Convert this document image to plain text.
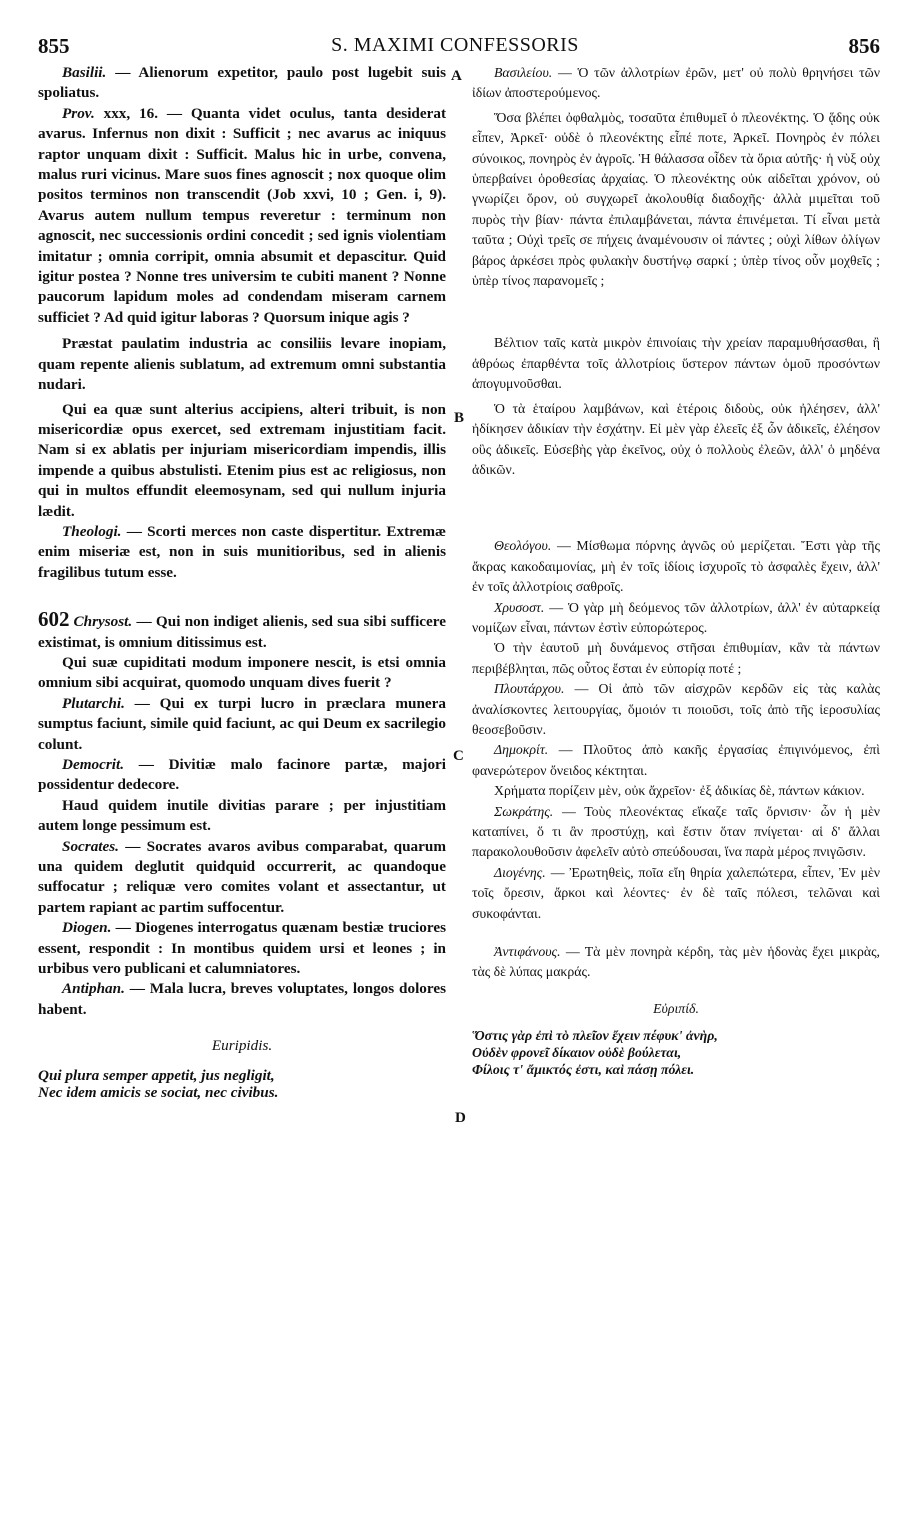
855	S. MAXIMI CONFESSORIS	856
A
B
C
D

Basilii. — Alienorum expetitor, paulo post lugebit suis spoliatus.

Prov. xxx, 16. — Quanta videt oculus, tanta desiderat avarus. Infernus non dixit : Sufficit ; nec avarus ac iniquus raptor unquam dixit : Sufficit. Malus hic in urbe, convena, malus ruri vicinus. Mare suos fines agnoscit ; nox quoque olim positos terminos non transcendit (Job xxvi, 10 ; Gen. i, 9). Avarus autem nullum tempus reveretur : terminum non agnoscit, nec successionis ordini concedit ; sed ignis violentiam imitatur ; omnia corripit, omnia absumit et depascitur. Quid igitur postea ? Nonne tres universim te cubiti manent ? Nonne paucorum lapidum moles ad condendam miseram carnem sufficiet ? Ad quid igitur laboras ? Quorsum inique agis ?

Præstat paulatim industria ac consiliis levare inopiam, quam repente alienis sublatum, ad extremum omni substantia nudari.

Qui ea quæ sunt alterius accipiens, alteri tribuit, is non misericordiæ opus exercet, sed extremam injustitiam facit. Nam si ex ablatis per injuriam misericordiam impendis, illis impende a quibus abstulisti. Etenim pius est ac religiosus, non qui in multos effundit eleemosynam, sed qui nullum injuria lædit.

Theologi. — Scorti merces non caste dispertitur. Extremæ enim miseriæ est, non in suis munitioribus, sed in alienis fragilibus tutum esse.

602 Chrysost. — Qui non indiget alienis, sed sua sibi sufficere existimat, is omnium ditissimus est.

Qui suæ cupiditati modum imponere nescit, is etsi omnia omnium sibi acquirat, quomodo unquam dives fuerit ?

Plutarchi. — Qui ex turpi lucro in præclara munera sumptus faciunt, simile quid faciunt, ac qui Deum ex sacrilegio colunt.

Democrit. — Divitiæ malo facinore partæ, majori possidentur dedecore.

Haud quidem inutile divitias parare ; per injustitiam autem longe pessimum est.

Socrates. — Socrates avaros avibus comparabat, quarum una quidem deglutit quidquid occurrerit, ac quandoque suffocatur ; reliquæ vero comites volant et assectantur, ut partem rapiant ac partim suffocentur.

Diogen. — Diogenes interrogatus quænam bestiæ truciores essent, respondit : In montibus quidem ursi et leones ; in urbibus vero publicani et calumniatores.

Antiphan. — Mala lucra, breves voluptates, longos dolores habent.

Euripidis.

Qui plura semper appetit, jus negligit,

Nec idem amicis se sociat, nec civibus.

Βασιλείου. — Ὁ τῶν ἀλλοτρίων ἐρῶν, μετ' οὐ πολὺ θρηνήσει τῶν ἰδίων ἀποστερούμενος.

Ὅσα βλέπει ὀφθαλμὸς, τοσαῦτα ἐπιθυμεῖ ὁ πλεονέκτης. Ὁ ᾅδης οὐκ εἶπεν, Ἀρκεῖ· οὐδὲ ὁ πλεονέκτης εἶπέ ποτε, Ἀρκεῖ. Πονηρὸς ἐν πόλει σύνοικος, πονηρὸς ἐν ἀγροῖς. Ἡ θάλασσα οἶδεν τὰ ὅρια αὐτῆς· ἡ νὺξ οὐχ ὑπερβαίνει ὁροθεσίας ἀρχαίας. Ὁ πλεονέκτης οὐκ αἰδεῖται χρόνον, οὐ γνωρίζει ὅρον, οὐ συγχωρεῖ ἀκολουθίᾳ διαδοχῆς· ἀλλὰ μιμεῖται τοῦ πυρὸς τὴν βίαν· πάντα ἐπιλαμβάνεται, πάντα ἐπινέμεται. Τί εἶναι μετὰ ταῦτα ; Οὐχὶ τρεῖς σε πήχεις ἀναμένουσιν οἱ πάντες ; οὐχὶ λίθων ὀλίγων βάρος ἀρκέσει πρὸς φυλακὴν δυστήνῳ σαρκί ; ὑπὲρ τίνος οὖν μοχθεῖς ; ὑπὲρ τίνος παρανομεῖς ;

Βέλτιον ταῖς κατὰ μικρὸν ἐπινοίαις τὴν χρείαν παραμυθήσασθαι, ἢ ἀθρόως ἐπαρθέντα τοῖς ἀλλοτρίοις ὕστερον πάντων ὁμοῦ προσόντων ἀπογυμνοῦσθαι.

Ὁ τὰ ἑταίρου λαμβάνων, καὶ ἑτέροις διδοὺς, οὐκ ἠλέησεν, ἀλλ' ἠδίκησεν ἀδικίαν τὴν ἐσχάτην. Εἰ μὲν γὰρ ἐλεεῖς ἐξ ὧν ἀδικεῖς, ἐλέησον οὓς ἀδικεῖς. Εὐσεβὴς γὰρ ἐκεῖνος, οὐχ ὁ πολλοὺς ἐλεῶν, ἀλλ' ὁ μηδένα ἀδικῶν.

Θεολόγου. — Μίσθωμα πόρνης ἁγνῶς οὐ μερίζεται. Ἔστι γὰρ τῆς ἄκρας κακοδαιμονίας, μὴ ἐν τοῖς ἰδίοις ἰσχυροῖς τὸ ἀσφαλὲς ἔχειν, ἀλλ' ἐν τοῖς ἀλλοτρίοις σαθροῖς.

Χρυσοστ. — Ὁ γὰρ μὴ δεόμενος τῶν ἀλλοτρίων, ἀλλ' ἐν αὐταρκείᾳ νομίζων εἶναι, πάντων ἐστὶν εὐπορώτερος.

Ὁ τὴν ἑαυτοῦ μὴ δυνάμενος στῆσαι ἐπιθυμίαν, κἂν τὰ πάντων περιβέβληται, πῶς οὗτος ἔσται ἐν εὐπορίᾳ ποτέ ;

Πλουτάρχου. — Οἱ ἀπὸ τῶν αἰσχρῶν κερδῶν εἰς τὰς καλὰς ἀναλίσκοντες λειτουργίας, ὅμοιόν τι ποιοῦσι, τοῖς ἀπὸ τῆς ἱεροσυλίας θεοσεβοῦσιν.

Δημοκρίτ. — Πλοῦτος ἀπὸ κακῆς ἐργασίας ἐπιγινόμενος, ἐπὶ φανερώτερον ὄνειδος κέκτηται.

Χρήματα πορίζειν μὲν, οὐκ ἄχρεῖον· ἐξ ἀδικίας δὲ, πάντων κάκιον.

Σωκράτης. — Τοὺς πλεονέκτας εἴκαζε ταῖς ὄρνισιν· ὧν ἡ μὲν καταπίνει, ὅ τι ἂν προστύχῃ, καὶ ἔστιν ὅταν πνίγεται· αἱ δ' ἄλλαι παρακολουθοῦσιν ἀφελεῖν αὐτὸ σπεύδουσαι, ἵνα παρὰ μέρος πνιγῶσιν.

Διογένης. — Ἐρωτηθεὶς, ποῖα εἴη θηρία χαλεπώτερα, εἶπεν, Ἐν μὲν τοῖς ὄρεσιν, ἄρκοι καὶ λέοντες· ἐν δὲ ταῖς πόλεσι, τελῶναι καὶ συκοφάνται.

Ἀντιφάνους. — Τὰ μὲν πονηρὰ κέρδη, τὰς μὲν ἡδονὰς ἔχει μικρὰς, τὰς δὲ λύπας μακράς.

Εὐριπίδ.

Ὅστις γὰρ ἐπὶ τὸ πλεῖον ἔχειν πέφυκ' ἀνὴρ,

Οὐδὲν φρονεῖ δίκαιον οὐδὲ βούλεται,

Φίλοις τ' ἄμικτός ἐστι, καὶ πάσῃ πόλει.
